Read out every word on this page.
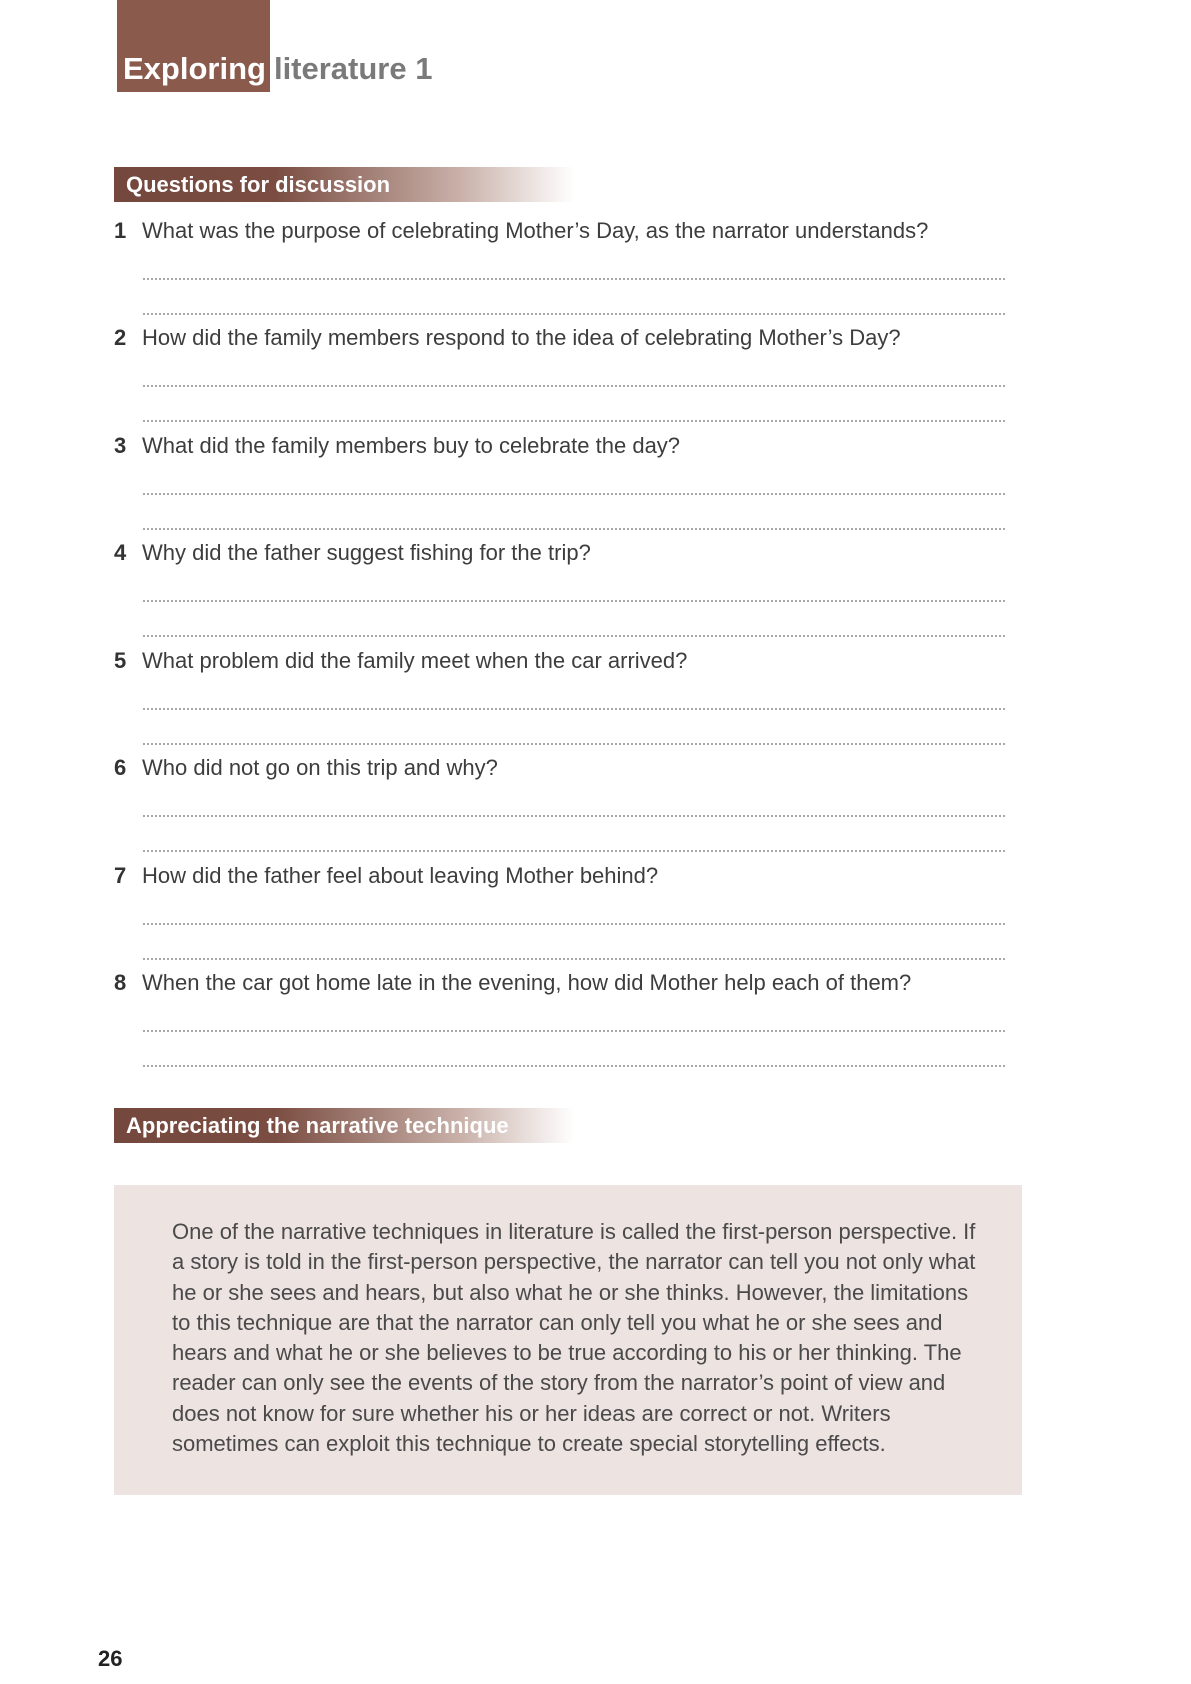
Exploring literature 1
Questions for discussion
1 What was the purpose of celebrating Mother’s Day, as the narrator understands?
2 How did the family members respond to the idea of celebrating Mother’s Day?
3 What did the family members buy to celebrate the day?
4 Why did the father suggest fishing for the trip?
5 What problem did the family meet when the car arrived?
6 Who did not go on this trip and why?
7 How did the father feel about leaving Mother behind?
8 When the car got home late in the evening, how did Mother help each of them?
Appreciating the narrative technique
One of the narrative techniques in literature is called the first-person perspective. If a story is told in the first-person perspective, the narrator can tell you not only what he or she sees and hears, but also what he or she thinks. However, the limitations to this technique are that the narrator can only tell you what he or she sees and hears and what he or she believes to be true according to his or her thinking. The reader can only see the events of the story from the narrator’s point of view and does not know for sure whether his or her ideas are correct or not. Writers sometimes can exploit this technique to create special storytelling effects.
26
